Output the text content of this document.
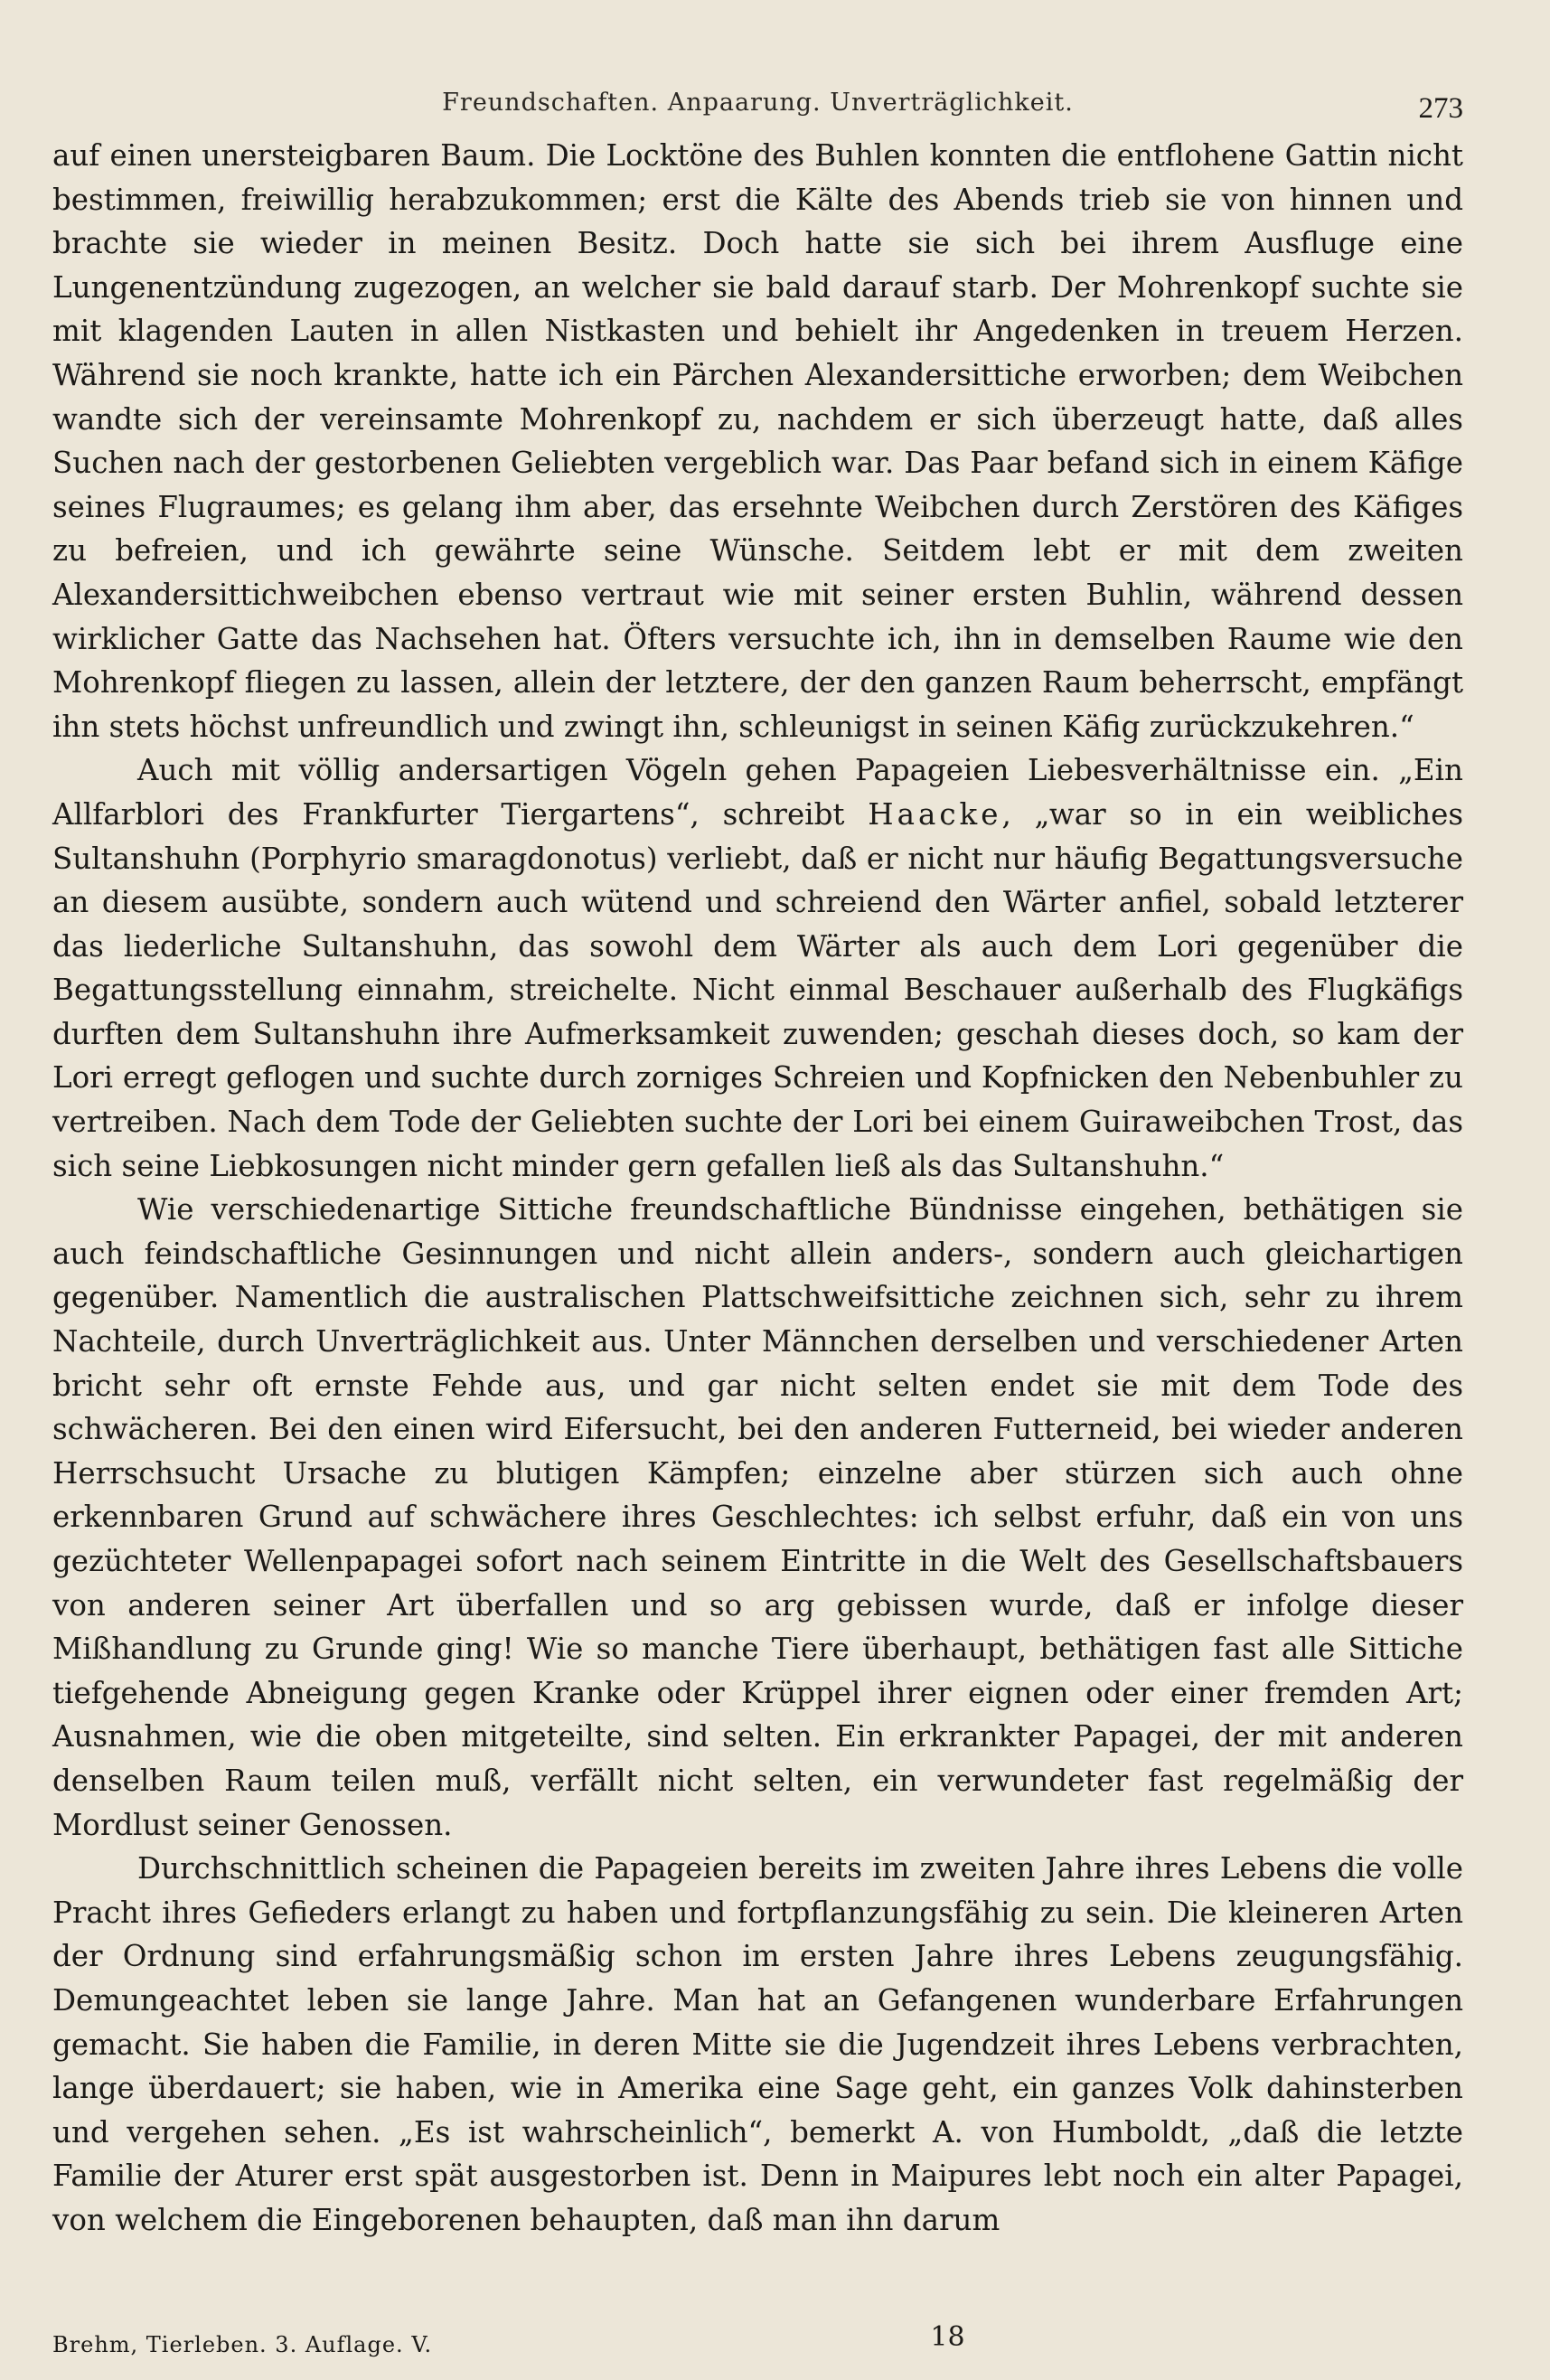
Freundschaften. Anpaarung. Unverträglichkeit.	273

auf einen unersteigbaren Baum. Die Locktöne des Buhlen konnten die entflohene Gattin nicht bestimmen, freiwillig herabzukommen; erst die Kälte des Abends trieb sie von hinnen und brachte sie wieder in meinen Besitz. Doch hatte sie sich bei ihrem Ausfluge eine Lungenentzündung zugezogen, an welcher sie bald darauf starb. Der Mohrenkopf suchte sie mit klagenden Lauten in allen Nistkasten und behielt ihr Angedenken in treuem Herzen. Während sie noch krankte, hatte ich ein Pärchen Alexandersittiche erworben; dem Weibchen wandte sich der vereinsamte Mohrenkopf zu, nachdem er sich überzeugt hatte, daß alles Suchen nach der gestorbenen Geliebten vergeblich war. Das Paar befand sich in einem Käfige seines Flugraumes; es gelang ihm aber, das ersehnte Weibchen durch Zerstören des Käfiges zu befreien, und ich gewährte seine Wünsche. Seitdem lebt er mit dem zweiten Alexandersittichweibchen ebenso vertraut wie mit seiner ersten Buhlin, während dessen wirklicher Gatte das Nachsehen hat. Öfters versuchte ich, ihn in demselben Raume wie den Mohrenkopf fliegen zu lassen, allein der letztere, der den ganzen Raum beherrscht, empfängt ihn stets höchst unfreundlich und zwingt ihn, schleunigst in seinen Käfig zurückzukehren.“

Auch mit völlig andersartigen Vögeln gehen Papageien Liebesverhältnisse ein. „Ein Allfarblori des Frankfurter Tiergartens“, schreibt Haacke, „war so in ein weibliches Sultanshuhn (Porphyrio smaragdonotus) verliebt, daß er nicht nur häufig Begattungsversuche an diesem ausübte, sondern auch wütend und schreiend den Wärter anfiel, sobald letzterer das liederliche Sultanshuhn, das sowohl dem Wärter als auch dem Lori gegenüber die Begattungsstellung einnahm, streichelte. Nicht einmal Beschauer außerhalb des Flugkäfigs durften dem Sultanshuhn ihre Aufmerksamkeit zuwenden; geschah dieses doch, so kam der Lori erregt geflogen und suchte durch zorniges Schreien und Kopfnicken den Nebenbuhler zu vertreiben. Nach dem Tode der Geliebten suchte der Lori bei einem Guiraweibchen Trost, das sich seine Liebkosungen nicht minder gern gefallen ließ als das Sultanshuhn.“

Wie verschiedenartige Sittiche freundschaftliche Bündnisse eingehen, bethätigen sie auch feindschaftliche Gesinnungen und nicht allein anders-, sondern auch gleichartigen gegenüber. Namentlich die australischen Plattschweifsittiche zeichnen sich, sehr zu ihrem Nachteile, durch Unverträglichkeit aus. Unter Männchen derselben und verschiedener Arten bricht sehr oft ernste Fehde aus, und gar nicht selten endet sie mit dem Tode des schwächeren. Bei den einen wird Eifersucht, bei den anderen Futterneid, bei wieder anderen Herrschsucht Ursache zu blutigen Kämpfen; einzelne aber stürzen sich auch ohne erkennbaren Grund auf schwächere ihres Geschlechtes: ich selbst erfuhr, daß ein von uns gezüchteter Wellenpapagei sofort nach seinem Eintritte in die Welt des Gesellschaftsbauers von anderen seiner Art überfallen und so arg gebissen wurde, daß er infolge dieser Mißhandlung zu Grunde ging! Wie so manche Tiere überhaupt, bethätigen fast alle Sittiche tiefgehende Abneigung gegen Kranke oder Krüppel ihrer eignen oder einer fremden Art; Ausnahmen, wie die oben mitgeteilte, sind selten. Ein erkrankter Papagei, der mit anderen denselben Raum teilen muß, verfällt nicht selten, ein verwundeter fast regelmäßig der Mordlust seiner Genossen.

Durchschnittlich scheinen die Papageien bereits im zweiten Jahre ihres Lebens die volle Pracht ihres Gefieders erlangt zu haben und fortpflanzungsfähig zu sein. Die kleineren Arten der Ordnung sind erfahrungsmäßig schon im ersten Jahre ihres Lebens zeugungsfähig. Demungeachtet leben sie lange Jahre. Man hat an Gefangenen wunderbare Erfahrungen gemacht. Sie haben die Familie, in deren Mitte sie die Jugendzeit ihres Lebens verbrachten, lange überdauert; sie haben, wie in Amerika eine Sage geht, ein ganzes Volk dahinsterben und vergehen sehen. „Es ist wahrscheinlich“, bemerkt A. von Humboldt, „daß die letzte Familie der Aturer erst spät ausgestorben ist. Denn in Maipures lebt noch ein alter Papagei, von welchem die Eingeborenen behaupten, daß man ihn darum

Brehm, Tierleben. 3. Auflage. V.	18
